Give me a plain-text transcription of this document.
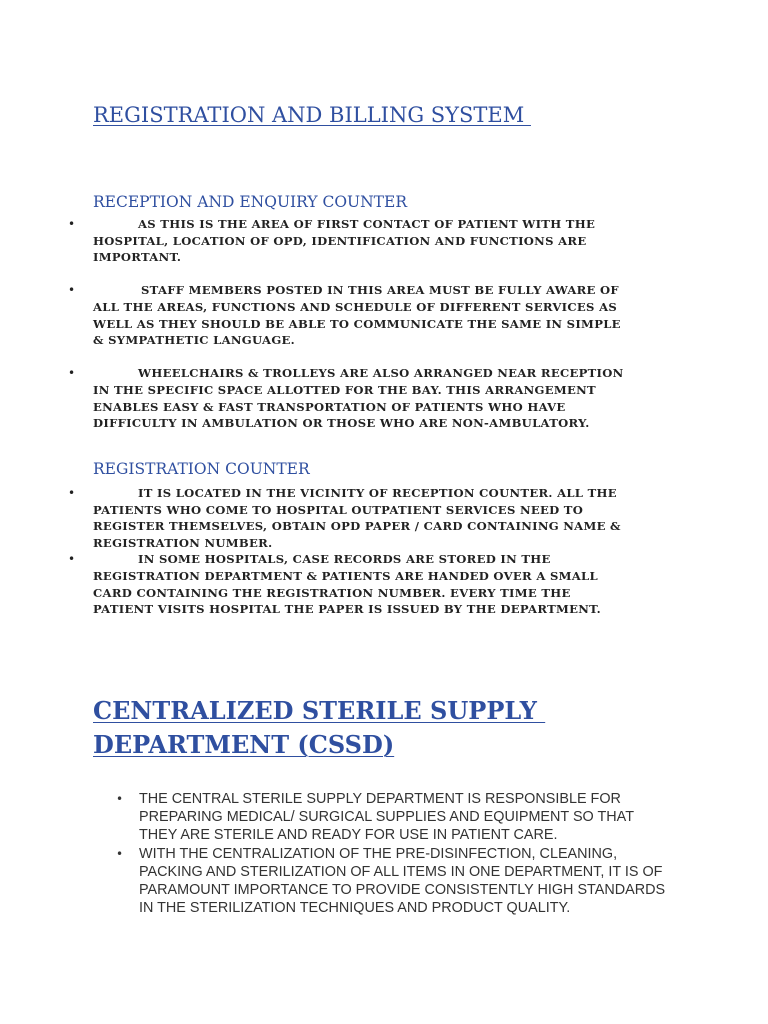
REGISTRATION AND BILLING SYSTEM
RECEPTION AND ENQUIRY COUNTER
•	AS THIS IS THE AREA OF FIRST CONTACT OF PATIENT WITH THE HOSPITAL, LOCATION OF OPD, IDENTIFICATION AND FUNCTIONS ARE IMPORTANT.
•	STAFF MEMBERS POSTED IN THIS AREA MUST BE FULLY AWARE OF ALL THE AREAS, FUNCTIONS AND SCHEDULE OF DIFFERENT SERVICES AS WELL AS THEY SHOULD BE ABLE TO COMMUNICATE THE SAME IN SIMPLE & SYMPATHETIC LANGUAGE.
•	WHEELCHAIRS & TROLLEYS ARE ALSO ARRANGED NEAR RECEPTION IN THE SPECIFIC SPACE ALLOTTED FOR THE BAY. THIS ARRANGEMENT ENABLES EASY & FAST TRANSPORTATION OF PATIENTS WHO HAVE DIFFICULTY IN AMBULATION OR THOSE WHO ARE NON-AMBULATORY.
REGISTRATION COUNTER
•	IT IS LOCATED IN THE VICINITY OF RECEPTION COUNTER. ALL THE PATIENTS WHO COME TO HOSPITAL OUTPATIENT SERVICES NEED TO REGISTER THEMSELVES, OBTAIN OPD PAPER / CARD CONTAINING NAME & REGISTRATION NUMBER.
•	IN SOME HOSPITALS, CASE RECORDS ARE STORED IN THE REGISTRATION DEPARTMENT & PATIENTS ARE HANDED OVER A SMALL CARD CONTAINING THE REGISTRATION NUMBER. EVERY TIME THE PATIENT VISITS HOSPITAL THE PAPER IS ISSUED BY THE DEPARTMENT.
CENTRALIZED STERILE SUPPLY
DEPARTMENT (CSSD)
• THE CENTRAL STERILE SUPPLY DEPARTMENT IS RESPONSIBLE FOR PREPARING MEDICAL/ SURGICAL SUPPLIES AND EQUIPMENT SO THAT THEY ARE STERILE AND READY FOR USE IN PATIENT CARE.
• WITH THE CENTRALIZATION OF THE PRE-DISINFECTION, CLEANING, PACKING AND STERILIZATION OF ALL ITEMS IN ONE DEPARTMENT, IT IS OF PARAMOUNT IMPORTANCE TO PROVIDE CONSISTENTLY HIGH STANDARDS IN THE STERILIZATION TECHNIQUES AND PRODUCT QUALITY.
